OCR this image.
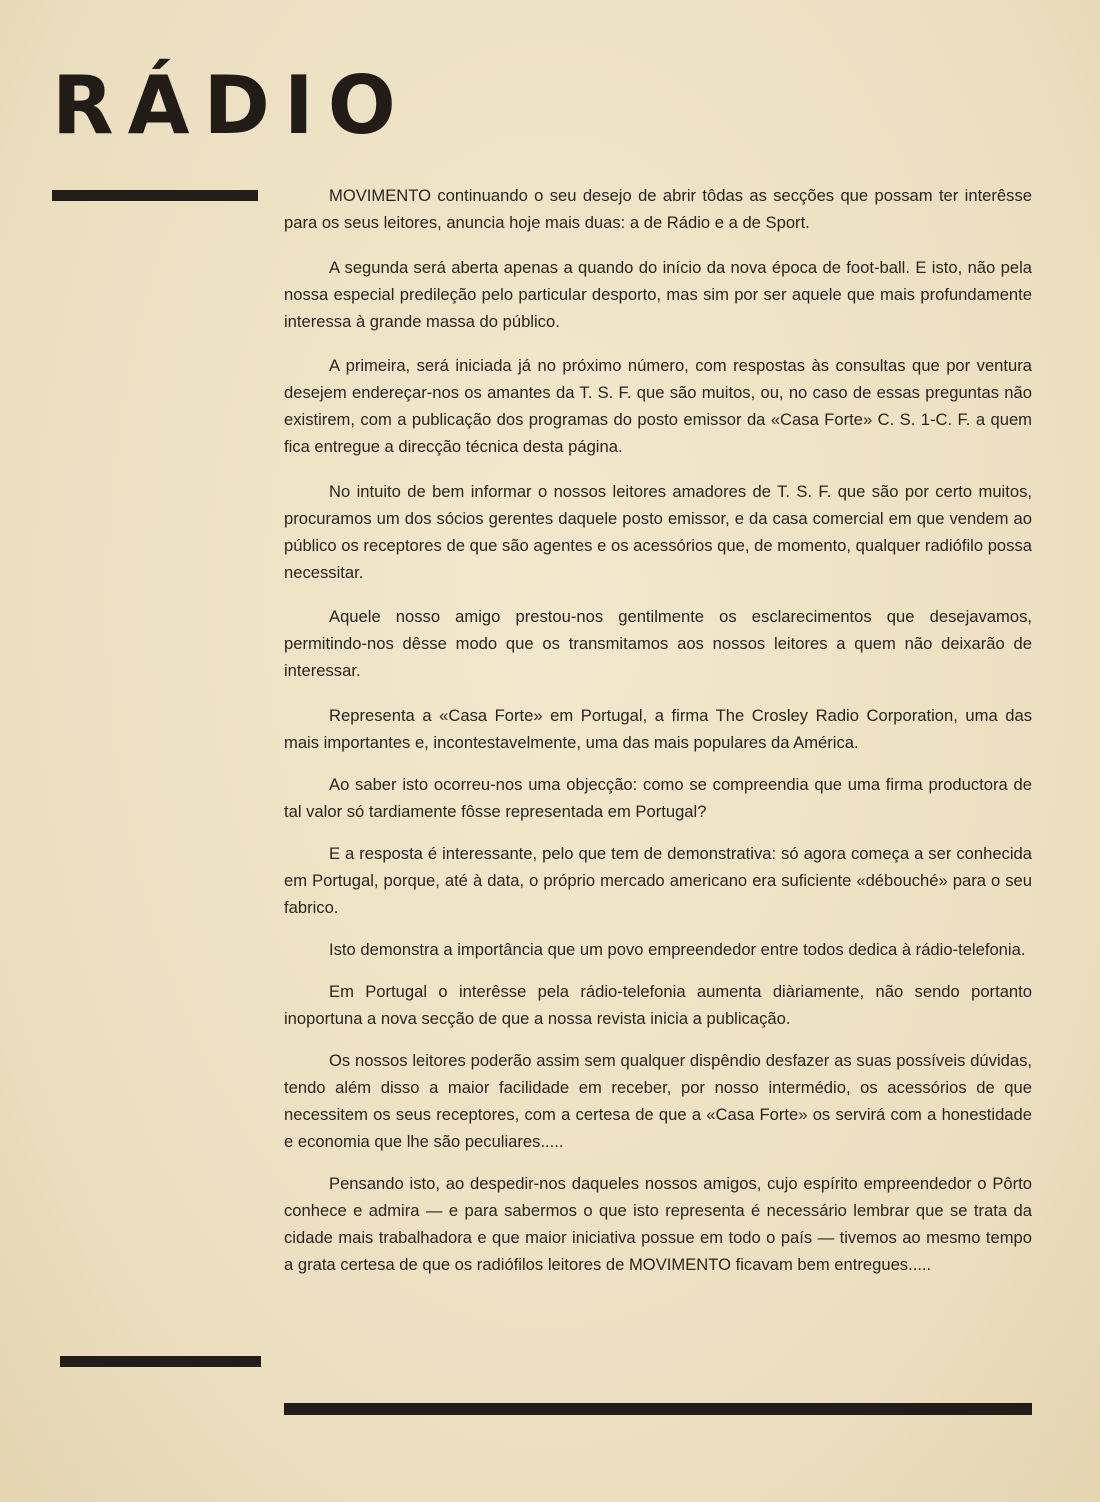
RÁDIO

MOVIMENTO continuando o seu desejo de abrir tôdas as secções que possam ter interêsse para os seus leitores, anuncia hoje mais duas: a de Rádio e a de Sport.

A segunda será aberta apenas a quando do início da nova época de foot-ball. E isto, não pela nossa especial predileção pelo particular desporto, mas sim por ser aquele que mais profundamente interessa à grande massa do público.

A primeira, será iniciada já no próximo número, com respostas às consultas que por ventura desejem endereçar-nos os amantes da T. S. F. que são muitos, ou, no caso de essas preguntas não existirem, com a publicação dos programas do posto emissor da «Casa Forte» C. S. 1-C. F. a quem fica entregue a direcção técnica desta página.

No intuito de bem informar o nossos leitores amadores de T. S. F. que são por certo muitos, procuramos um dos sócios gerentes daquele posto emissor, e da casa comercial em que vendem ao público os receptores de que são agentes e os acessórios que, de momento, qualquer radiófilo possa necessitar.

Aquele nosso amigo prestou-nos gentilmente os esclarecimentos que desejavamos, permitindo-nos dêsse modo que os transmitamos aos nossos leitores a quem não deixarão de interessar.

Representa a «Casa Forte» em Portugal, a firma The Crosley Radio Corporation, uma das mais importantes e, incontestavelmente, uma das mais populares da América.

Ao saber isto ocorreu-nos uma objecção: como se compreendia que uma firma productora de tal valor só tardiamente fôsse representada em Portugal?

E a resposta é interessante, pelo que tem de demonstrativa: só agora começa a ser conhecida em Portugal, porque, até à data, o próprio mercado americano era suficiente «débouché» para o seu fabrico.

Isto demonstra a importância que um povo empreendedor entre todos dedica à rádio-telefonia.

Em Portugal o interêsse pela rádio-telefonia aumenta diàriamente, não sendo portanto inoportuna a nova secção de que a nossa revista inicia a publicação.

Os nossos leitores poderão assim sem qualquer dispêndio desfazer as suas possíveis dúvidas, tendo além disso a maior facilidade em receber, por nosso intermédio, os acessórios de que necessitem os seus receptores, com a certesa de que a «Casa Forte» os servirá com a honestidade e economia que lhe são peculiares.....

Pensando isto, ao despedir-nos daqueles nossos amigos, cujo espírito empreendedor o Pôrto conhece e admira — e para sabermos o que isto representa é necessário lembrar que se trata da cidade mais trabalhadora e que maior iniciativa possue em todo o país — tivemos ao mesmo tempo a grata certesa de que os radiófilos leitores de MOVIMENTO ficavam bem entregues.....
